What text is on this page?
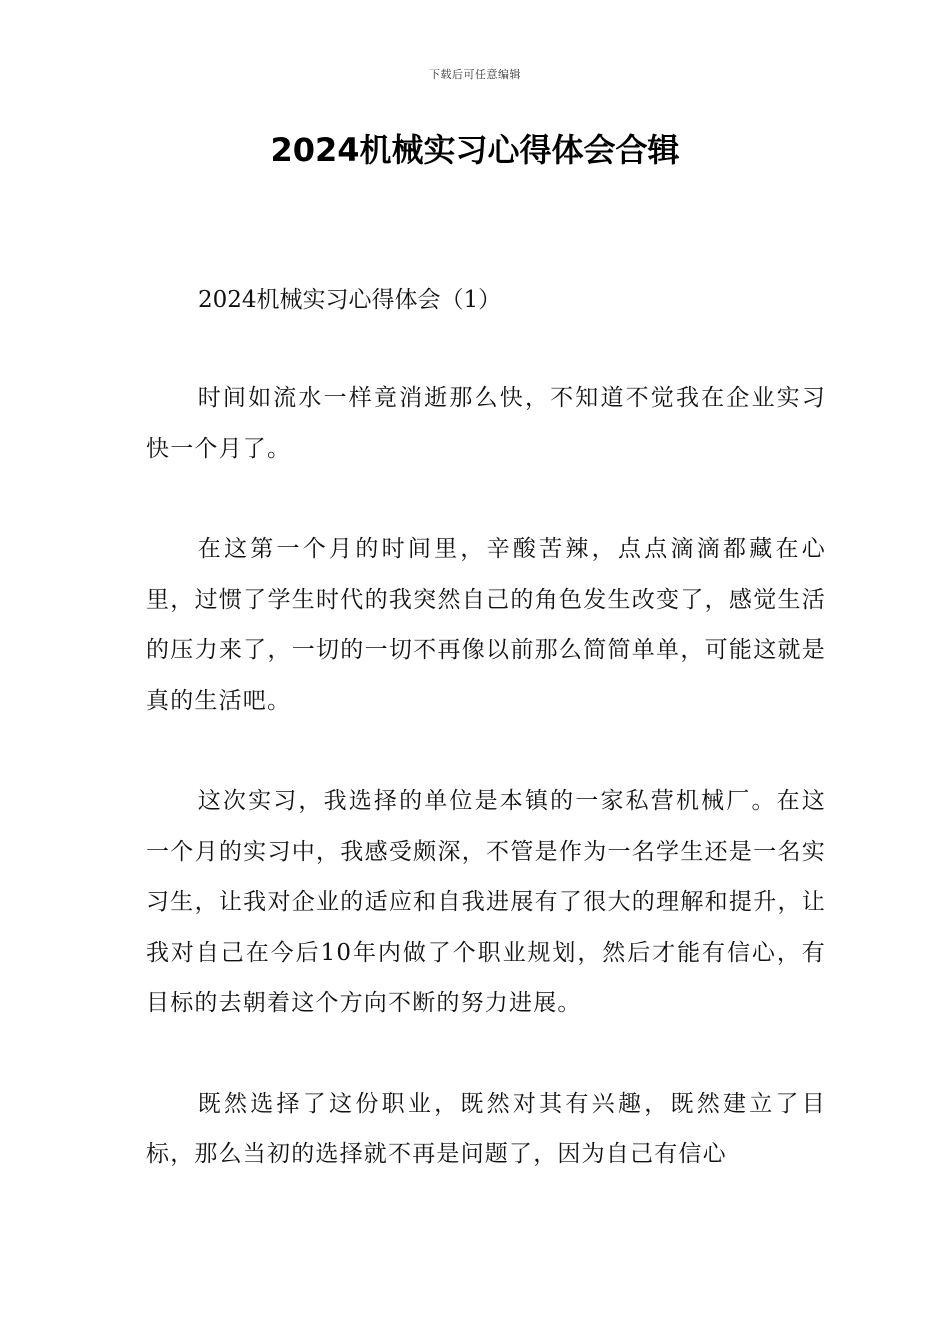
下载后可任意编辑
2024机械实习心得体会合辑
2024机械实习心得体会（1）

时间如流水一样竟消逝那么快，不知道不觉我在企业实习快一个月了。

在这第一个月的时间里，辛酸苦辣，点点滴滴都藏在心里，过惯了学生时代的我突然自己的角色发生改变了，感觉生活的压力来了，一切的一切不再像以前那么简简单单，可能这就是真的生活吧。

这次实习，我选择的单位是本镇的一家私营机械厂。在这一个月的实习中，我感受颇深，不管是作为一名学生还是一名实习生，让我对企业的适应和自我进展有了很大的理解和提升，让我对自己在今后10年内做了个职业规划，然后才能有信心，有目标的去朝着这个方向不断的努力进展。

既然选择了这份职业，既然对其有兴趣，既然建立了目标，那么当初的选择就不再是问题了，因为自己有信心
